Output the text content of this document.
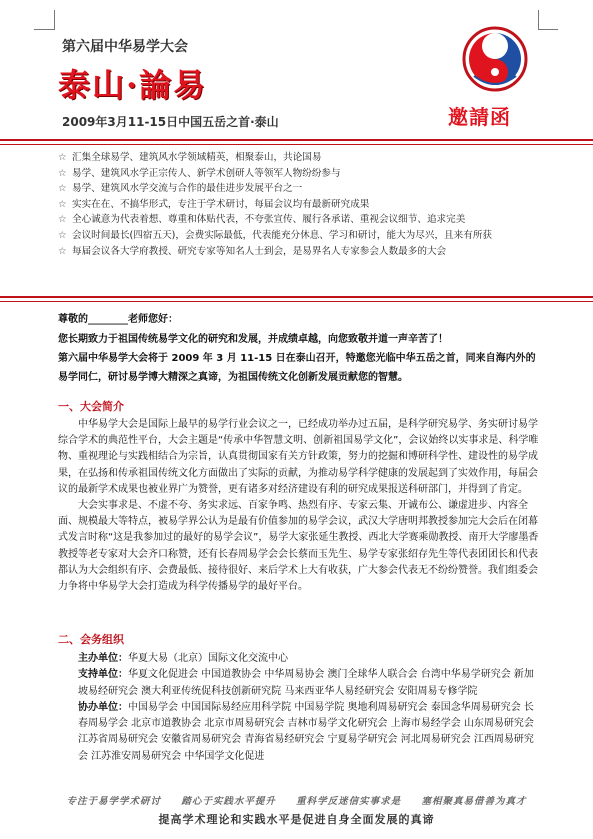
第六届中华易学大会
泰山·論易
2009年3月11-15日中国五岳之首·泰山	邀請函
☆ 汇集全球易学、建筑风水学领域精英，相聚泰山，共论国易
☆ 易学、建筑风水学正宗传人、新学术创研人等领军人物纷纷参与
☆ 易学、建筑风水学交流与合作的最佳进步发展平台之一
☆ 实实在在、不搞华形式，专注于学术研讨，每届会议均有最新研究成果
☆ 全心诚意为代表着想、尊重和体贴代表，不夸张宣传、履行各承诺、重视会议细节、追求完美
☆ 会议时间最长(四宿五天)，会费实际最低，代表能充分休息、学习和研讨，能大为尽兴，且来有所获
☆ 每届会议各大学府教授、研究专家等知名人士到会，是易界名人专家参会人数最多的大会
尊敬的________老师您好：
您长期致力于祖国传统易学文化的研究和发展，并成绩卓越，向您致敬并道一声辛苦了！
第六届中华易学大会将于 2009 年 3 月 11-15 日在泰山召开，特邀您光临中华五岳之首，同来自海内外的易学同仁，研讨易学博大精深之真谛，为祖国传统文化创新发展贡献您的智慧。
一、大会简介
中华易学大会是国际上最早的易学行业会议之一，已经成功举办过五届，是科学研究易学、务实研讨易学综合学术的典范性平台，大会主题是“传承中华智慧文明、创新祖国易学文化”，会议始终以实事求是、科学唯物、重视理论与实践相结合为宗旨，认真贯彻国家有关方针政策，努力的挖掘和博研科学性、建设性的易学成果，在弘扬和传承祖国传统文化方面做出了实际的贡献，为推动易学科学健康的发展起到了实效作用，每届会议的最新学术成果也被业界广为赞誉，更有诸多对经济建设有利的研究成果报送科研部门，并得到了肯定。
大会实事求是、不虚不夸、务实求远、百家争鸣、热烈有序、专家云集、开诚布公、谦虚进步、内容全面、规模最大等特点，被易学界公认为是最有价值参加的易学会议，武汉大学唐明邦教授参加完大会后在闭幕式发言时称“这是我参加过的最好的易学会议”，易学大家张延生教授、西北大学赛乘勋教授、南开大学廖墨香教授等老专家对大会齐口称赞，还有长春周易学会会长蔡而玉先生、易学专家张绍存先生等代表团团长和代表都认为大会组织有序、会费最低、接待很好、来后学术上大有收获，广大参会代表无不纷纷赞誉。我们组委会力争将中华易学大会打造成为科学传播易学的最好平台。
二、会务组织
主办单位：华夏大易（北京）国际文化交流中心
支持单位：华夏文化促进会 中国道教协会 中华周易协会 澳门全球华人联合会 台湾中华易学研究会 新加坡易经研究会 澳大利亚传统促科技创新研究院 马来西亚华人易经研究会 安阳周易专修学院
协办单位：中国易学会 中国国际易经应用科学院 中国易学院 奥地利周易研究会 泰国念华周易研究会 长春周易学会 北京市道教协会 北京市周易研究会 吉林市易学文化研究会 上海市易经学会 山东周易研究会 江苏省周易研究会 安徽省周易研究会 青海省易经研究会 宁夏易学研究会 河北周易研究会 江西周易研究会 江苏淮安周易研究会 中华国学文化促进
专注于易学学术研讨 踏心于实践水平提升 重科学反迷信实事求是 塞相聚真易借善为真才
提高学术理论和实践水平是促进自身全面发展的真谛
